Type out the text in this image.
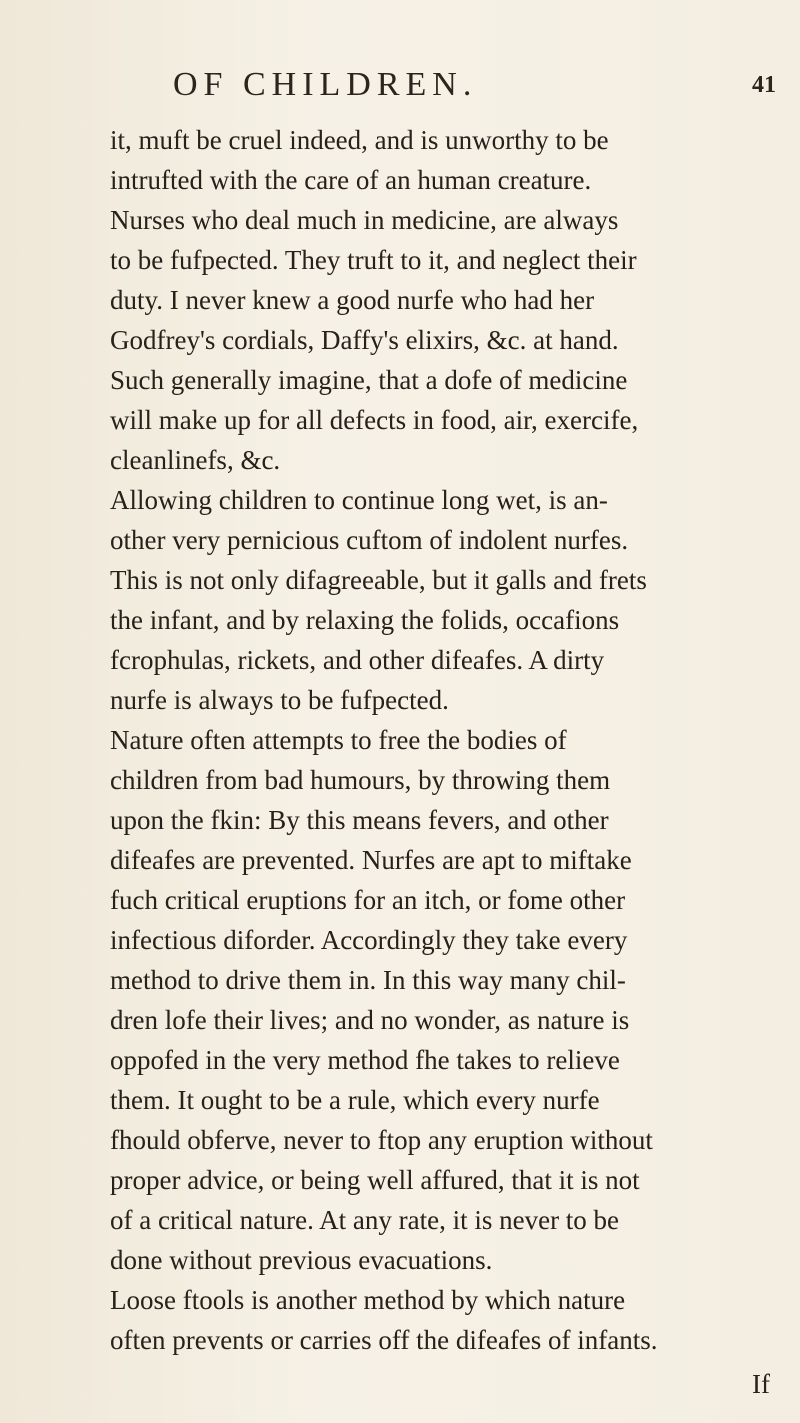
OF CHILDREN.	41
it, muft be cruel indeed, and is unworthy to be
intrufted with the care of an human creature.
Nurses who deal much in medicine, are always
to be fufpected. They truft to it, and neglect their
duty. I never knew a good nurfe who had her
Godfrey's cordials, Daffy's elixirs, &c. at hand.
Such generally imagine, that a dofe of medicine
will make up for all defects in food, air, exercife,
cleanlinefs, &c.
Allowing children to continue long wet, is an-
other very pernicious cuftom of indolent nurfes.
This is not only difagreeable, but it galls and frets
the infant, and by relaxing the folids, occafions
fcrophulas, rickets, and other difeafes. A dirty
nurfe is always to be fufpected.
Nature often attempts to free the bodies of
children from bad humours, by throwing them
upon the fkin: By this means fevers, and other
difeafes are prevented. Nurfes are apt to miftake
fuch critical eruptions for an itch, or fome other
infectious diforder. Accordingly they take every
method to drive them in. In this way many chil-
dren lofe their lives; and no wonder, as nature is
oppofed in the very method fhe takes to relieve
them. It ought to be a rule, which every nurfe
fhould obferve, never to ftop any eruption without
proper advice, or being well affured, that it is not
of a critical nature. At any rate, it is never to be
done without previous evacuations.
Loose ftools is another method by which nature
often prevents or carries off the difeafes of infants.
If
